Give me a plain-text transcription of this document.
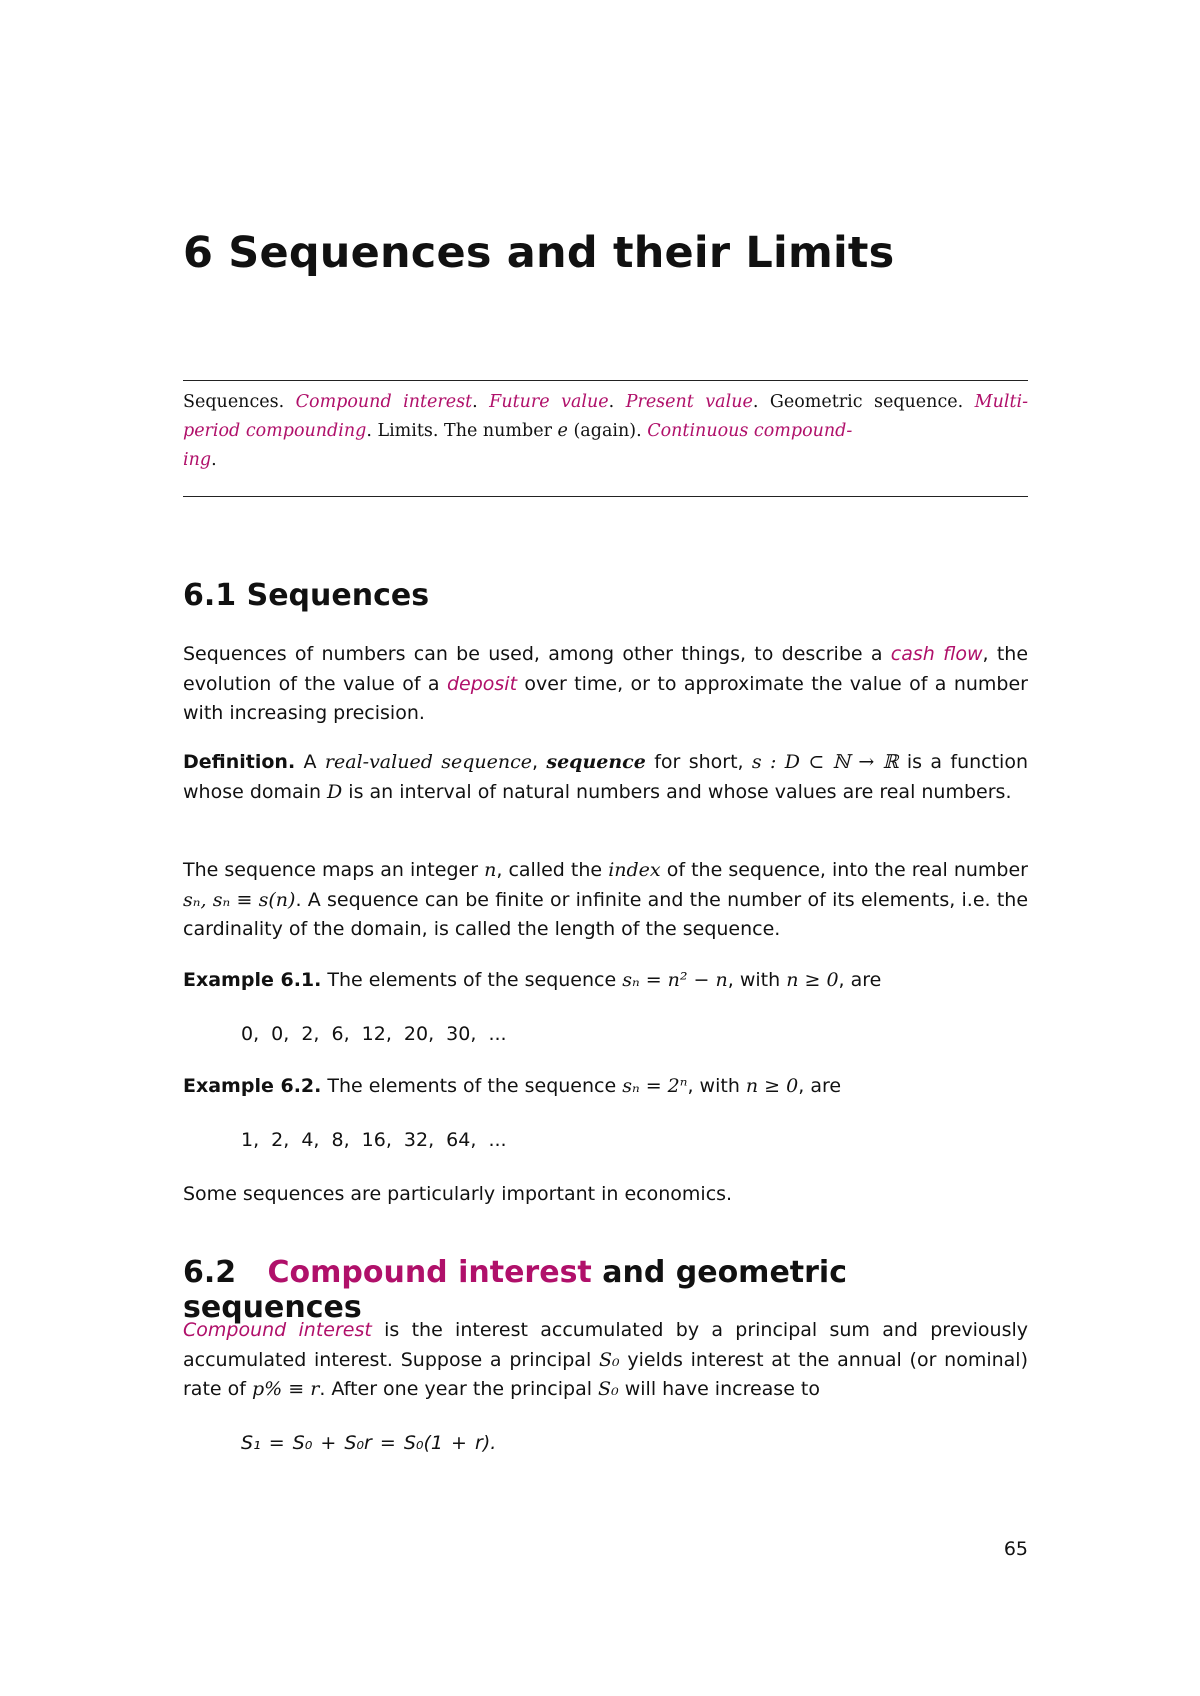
6 Sequences and their Limits
Sequences. Compound interest. Future value. Present value. Geometric sequence. Multi-period compounding. Limits. The number e (again). Continuous compound-
ing.
6.1 Sequences
Sequences of numbers can be used, among other things, to describe a cash flow, the evolution of the value of a deposit over time, or to approximate the value of a number with increasing precision.
Definition. A real-valued sequence, sequence for short, s : D ⊂ ℕ → ℝ is a function whose domain D is an interval of natural numbers and whose values are real numbers.
The sequence maps an integer n, called the index of the sequence, into the real number sₙ, sₙ ≡ s(n). A sequence can be finite or infinite and the number of its elements, i.e. the cardinality of the domain, is called the length of the sequence.
Example 6.1. The elements of the sequence sₙ = n² − n, with n ≥ 0, are
0, 0, 2, 6, 12, 20, 30, ...
Example 6.2. The elements of the sequence sₙ = 2ⁿ, with n ≥ 0, are
1, 2, 4, 8, 16, 32, 64, ...
Some sequences are particularly important in economics.
6.2 Compound interest and geometric sequences
Compound interest is the interest accumulated by a principal sum and previously accumulated interest. Suppose a principal S₀ yields interest at the annual (or nominal) rate of p% ≡ r. After one year the principal S₀ will have increase to
S₁ = S₀ + S₀r = S₀(1 + r).
65
